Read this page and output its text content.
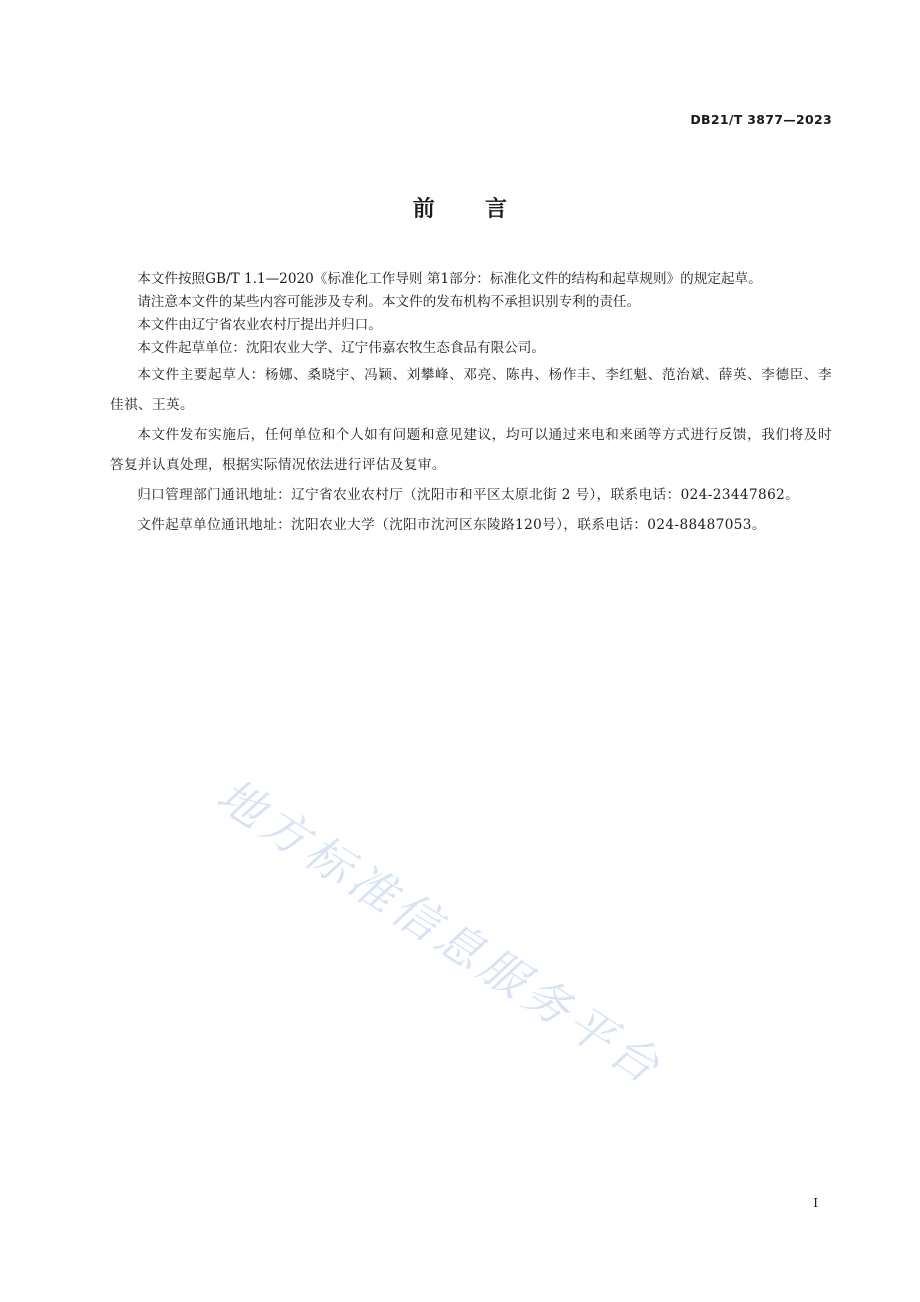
DB21/T 3877—2023
前 言

本文件按照GB/T 1.1—2020《标准化工作导则 第1部分：标准化文件的结构和起草规则》的规定起草。

请注意本文件的某些内容可能涉及专利。本文件的发布机构不承担识别专利的责任。

本文件由辽宁省农业农村厅提出并归口。

本文件起草单位：沈阳农业大学、辽宁伟嘉农牧生态食品有限公司。

本文件主要起草人：杨娜、桑晓宇、冯颖、刘攀峰、邓亮、陈冉、杨作丰、李红魁、范治斌、薛英、李德臣、李佳祺、王英。

本文件发布实施后，任何单位和个人如有问题和意见建议，均可以通过来电和来函等方式进行反馈，我们将及时答复并认真处理，根据实际情况依法进行评估及复审。

归口管理部门通讯地址：辽宁省农业农村厅（沈阳市和平区太原北街 2 号），联系电话：024-23447862。

文件起草单位通讯地址：沈阳农业大学（沈阳市沈河区东陵路120号），联系电话：024-88487053。

地方标准信息服务平台
I
